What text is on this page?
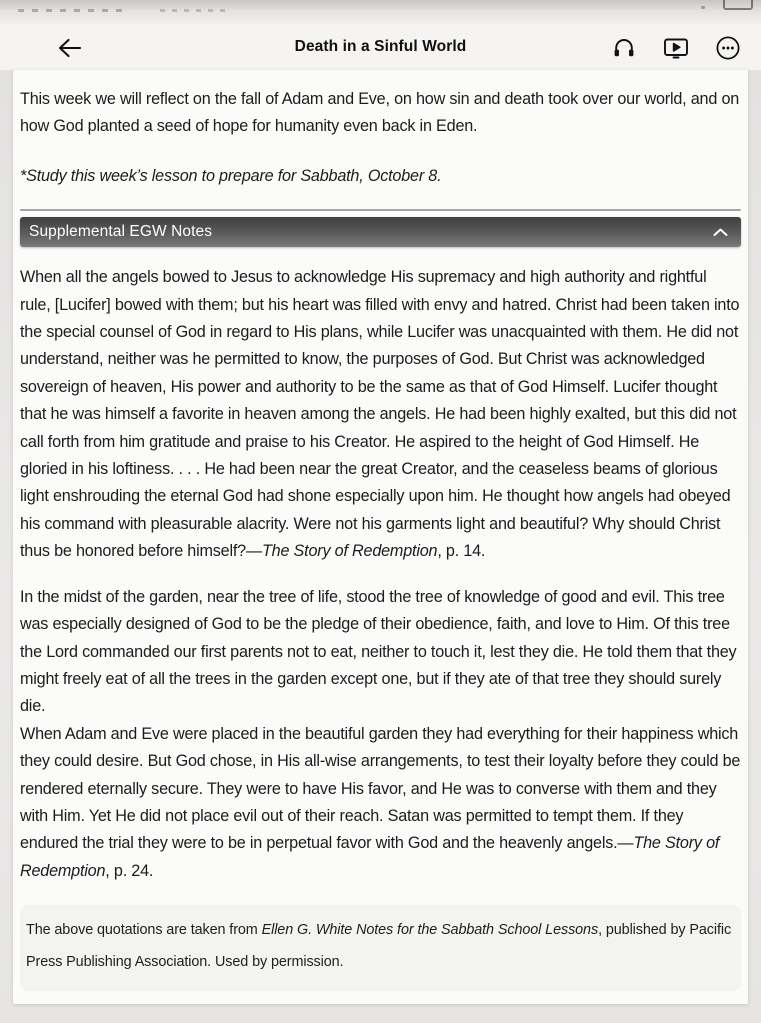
Death in a Sinful World

This week we will reflect on the fall of Adam and Eve, on how sin and death took over our world, and on how God planted a seed of hope for humanity even back in Eden.

*Study this week’s lesson to prepare for Sabbath, October 8.

Supplemental EGW Notes

When all the angels bowed to Jesus to acknowledge His supremacy and high authority and rightful rule, [Lucifer] bowed with them; but his heart was filled with envy and hatred. Christ had been taken into the special counsel of God in regard to His plans, while Lucifer was unacquainted with them. He did not understand, neither was he permitted to know, the purposes of God. But Christ was acknowledged sovereign of heaven, His power and authority to be the same as that of God Himself. Lucifer thought that he was himself a favorite in heaven among the angels. He had been highly exalted, but this did not call forth from him gratitude and praise to his Creator. He aspired to the height of God Himself. He gloried in his loftiness. . . . He had been near the great Creator, and the ceaseless beams of glorious light enshrouding the eternal God had shone especially upon him. He thought how angels had obeyed his command with pleasurable alacrity. Were not his garments light and beautiful? Why should Christ thus be honored before himself?—The Story of Redemption, p. 14.

In the midst of the garden, near the tree of life, stood the tree of knowledge of good and evil. This tree was especially designed of God to be the pledge of their obedience, faith, and love to Him. Of this tree the Lord commanded our first parents not to eat, neither to touch it, lest they die. He told them that they might freely eat of all the trees in the garden except one, but if they ate of that tree they should surely die.

When Adam and Eve were placed in the beautiful garden they had everything for their happiness which they could desire. But God chose, in His all-wise arrangements, to test their loyalty before they could be rendered eternally secure. They were to have His favor, and He was to converse with them and they with Him. Yet He did not place evil out of their reach. Satan was permitted to tempt them. If they endured the trial they were to be in perpetual favor with God and the heavenly angels.—The Story of Redemption, p. 24.

The above quotations are taken from Ellen G. White Notes for the Sabbath School Lessons, published by Pacific Press Publishing Association. Used by permission.
